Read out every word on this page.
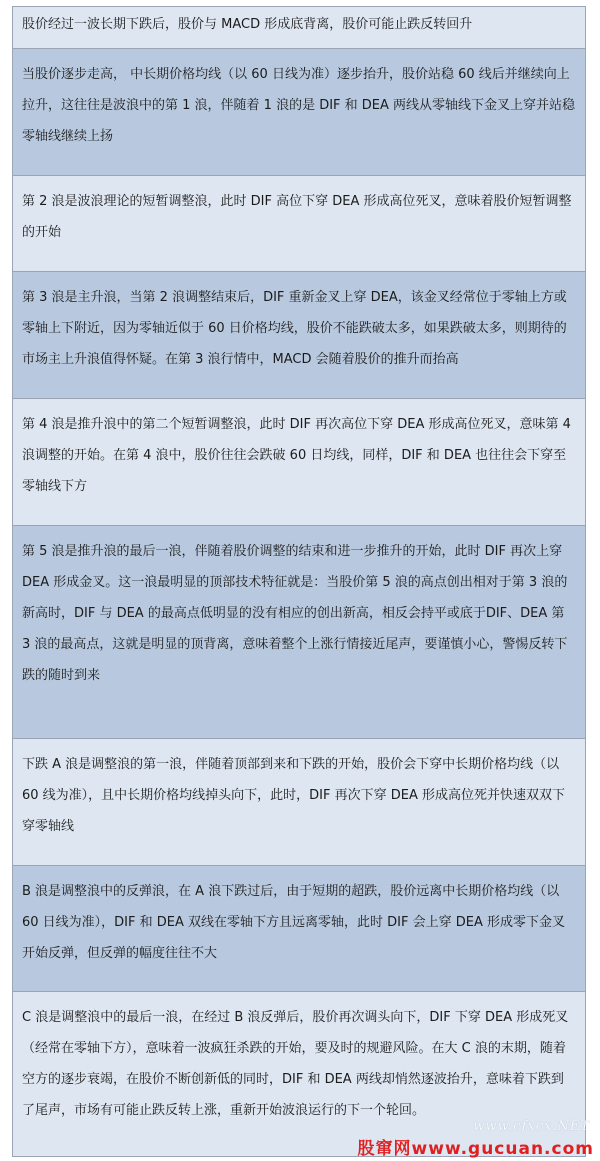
股价经过一波长期下跌后，股价与 MACD 形成底背离，股价可能止跌反转回升

当股价逐步走高， 中长期价格均线（以 60 日线为准）逐步抬升，股价站稳 60 线后并继续向上拉升，这往往是波浪中的第 1 浪，伴随着 1 浪的是 DIF 和 DEA 两线从零轴线下金叉上穿并站稳零轴线继续上扬

第 2 浪是波浪理论的短暂调整浪，此时 DIF 高位下穿 DEA 形成高位死叉，意味着股价短暂调整的开始

第 3 浪是主升浪，当第 2 浪调整结束后，DIF 重新金叉上穿 DEA，该金叉经常位于零轴上方或零轴上下附近，因为零轴近似于 60 日价格均线，股价不能跌破太多，如果跌破太多，则期待的市场主上升浪值得怀疑。在第 3 浪行情中，MACD 会随着股价的推升而抬高

第 4 浪是推升浪中的第二个短暂调整浪，此时 DIF 再次高位下穿 DEA 形成高位死叉，意味第 4 浪调整的开始。在第 4 浪中，股价往往会跌破 60 日均线，同样，DIF 和 DEA 也往往会下穿至零轴线下方

第 5 浪是推升浪的最后一浪，伴随着股价调整的结束和进一步推升的开始，此时 DIF 再次上穿 DEA 形成金叉。这一浪最明显的顶部技术特征就是：当股价第 5 浪的高点创出相对于第 3 浪的新高时，DIF 与 DEA 的最高点低明显的没有相应的创出新高，相反会持平或底于DIF、DEA 第 3 浪的最高点，这就是明显的顶背离，意味着整个上涨行情接近尾声，要谨慎小心，警惕反转下跌的随时到来

下跌 A 浪是调整浪的第一浪，伴随着顶部到来和下跌的开始，股价会下穿中长期价格均线（以 60 线为准），且中长期价格均线掉头向下，此时，DIF 再次下穿 DEA 形成高位死并快速双双下穿零轴线

B 浪是调整浪中的反弹浪，在 A 浪下跌过后，由于短期的超跌，股价远离中长期价格均线（以 60 日线为准），DIF 和 DEA 双线在零轴下方且远离零轴，此时 DIF 会上穿 DEA 形成零下金叉开始反弹，但反弹的幅度往往不大

C 浪是调整浪中的最后一浪，在经过 B 浪反弹后，股价再次调头向下，DIF 下穿 DEA 形成死叉（经常在零轴下方），意味着一波疯狂杀跌的开始，要及时的规避风险。在大 C 浪的末期，随着空方的逐步衰竭，在股价不断创新低的同时，DIF 和 DEA 两线却悄然逐波抬升，意味着下跌到了尾声，市场有可能止跌反转上涨，重新开始波浪运行的下一个轮回。

www.cfxcx.NET
股窜网www.gucuan.com
